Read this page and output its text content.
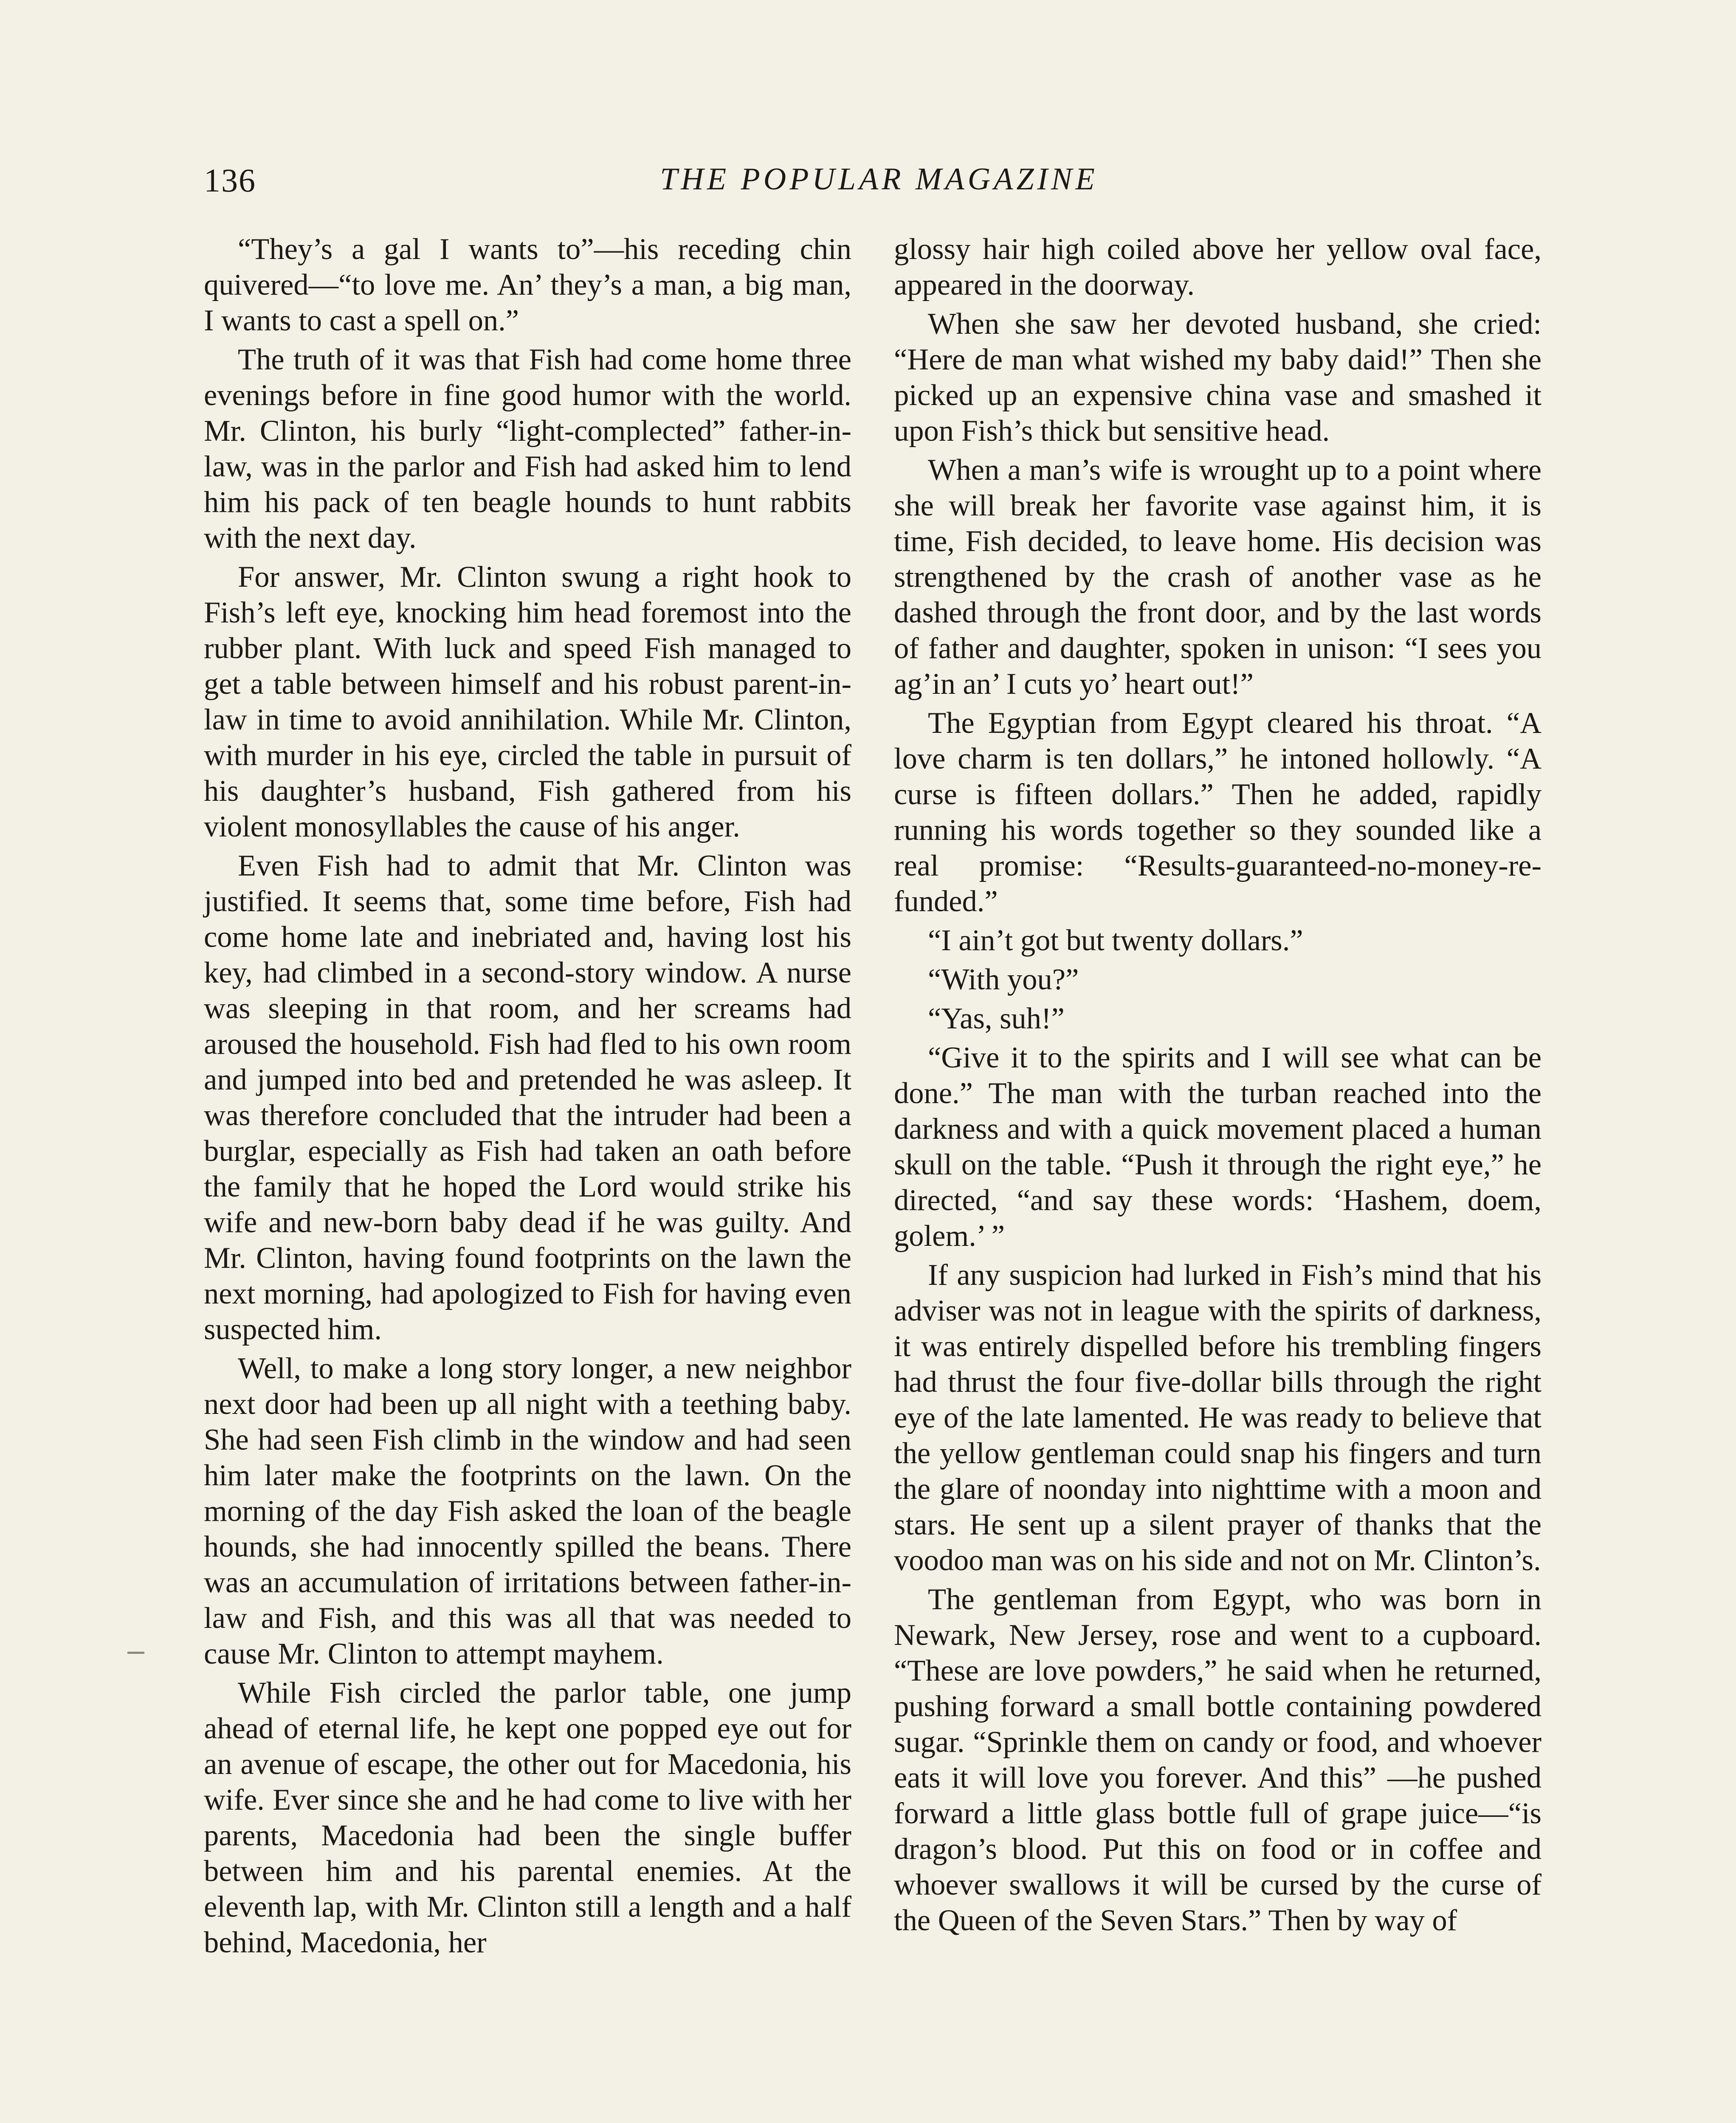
136	THE POPULAR MAGAZINE

“They’s a gal I wants to”—his receding chin quivered—“to love me. An’ they’s a man, a big man, I wants to cast a spell on.”

The truth of it was that Fish had come home three evenings before in fine good humor with the world. Mr. Clinton, his burly “light-complected” father-in-law, was in the parlor and Fish had asked him to lend him his pack of ten beagle hounds to hunt rabbits with the next day.

For answer, Mr. Clinton swung a right hook to Fish’s left eye, knocking him head foremost into the rubber plant. With luck and speed Fish managed to get a table between himself and his robust parent-in-law in time to avoid annihilation. While Mr. Clinton, with murder in his eye, circled the table in pursuit of his daughter’s husband, Fish gathered from his violent monosyllables the cause of his anger.

Even Fish had to admit that Mr. Clinton was justified. It seems that, some time before, Fish had come home late and inebriated and, having lost his key, had climbed in a second-story window. A nurse was sleeping in that room, and her screams had aroused the household. Fish had fled to his own room and jumped into bed and pretended he was asleep. It was therefore concluded that the intruder had been a burglar, especially as Fish had taken an oath before the family that he hoped the Lord would strike his wife and new-born baby dead if he was guilty. And Mr. Clinton, having found footprints on the lawn the next morning, had apologized to Fish for having even suspected him.

Well, to make a long story longer, a new neighbor next door had been up all night with a teething baby. She had seen Fish climb in the window and had seen him later make the footprints on the lawn. On the morning of the day Fish asked the loan of the beagle hounds, she had innocently spilled the beans. There was an accumulation of irritations between father-in-law and Fish, and this was all that was needed to cause Mr. Clinton to attempt mayhem.

While Fish circled the parlor table, one jump ahead of eternal life, he kept one popped eye out for an avenue of escape, the other out for Macedonia, his wife. Ever since she and he had come to live with her parents, Macedonia had been the single buffer between him and his parental enemies. At the eleventh lap, with Mr. Clinton still a length and a half behind, Macedonia, her

glossy hair high coiled above her yellow oval face, appeared in the doorway.

When she saw her devoted husband, she cried: “Here de man what wished my baby daid!” Then she picked up an expensive china vase and smashed it upon Fish’s thick but sensitive head.

When a man’s wife is wrought up to a point where she will break her favorite vase against him, it is time, Fish decided, to leave home. His decision was strengthened by the crash of another vase as he dashed through the front door, and by the last words of father and daughter, spoken in unison: “I sees you ag’in an’ I cuts yo’ heart out!”

The Egyptian from Egypt cleared his throat. “A love charm is ten dollars,” he intoned hollowly. “A curse is fifteen dollars.” Then he added, rapidly running his words together so they sounded like a real promise: “Results-guaranteed-no-money-refunded.”

“I ain’t got but twenty dollars.”

“With you?”

“Yas, suh!”

“Give it to the spirits and I will see what can be done.” The man with the turban reached into the darkness and with a quick movement placed a human skull on the table. “Push it through the right eye,” he directed, “and say these words: ‘Hashem, doem, golem.’ ”

If any suspicion had lurked in Fish’s mind that his adviser was not in league with the spirits of darkness, it was entirely dispelled before his trembling fingers had thrust the four five-dollar bills through the right eye of the late lamented. He was ready to believe that the yellow gentleman could snap his fingers and turn the glare of noonday into nighttime with a moon and stars. He sent up a silent prayer of thanks that the voodoo man was on his side and not on Mr. Clinton’s.

The gentleman from Egypt, who was born in Newark, New Jersey, rose and went to a cupboard. “These are love powders,” he said when he returned, pushing forward a small bottle containing powdered sugar. “Sprinkle them on candy or food, and whoever eats it will love you forever. And this” —he pushed forward a little glass bottle full of grape juice—“is dragon’s blood. Put this on food or in coffee and whoever swallows it will be cursed by the curse of the Queen of the Seven Stars.” Then by way of
